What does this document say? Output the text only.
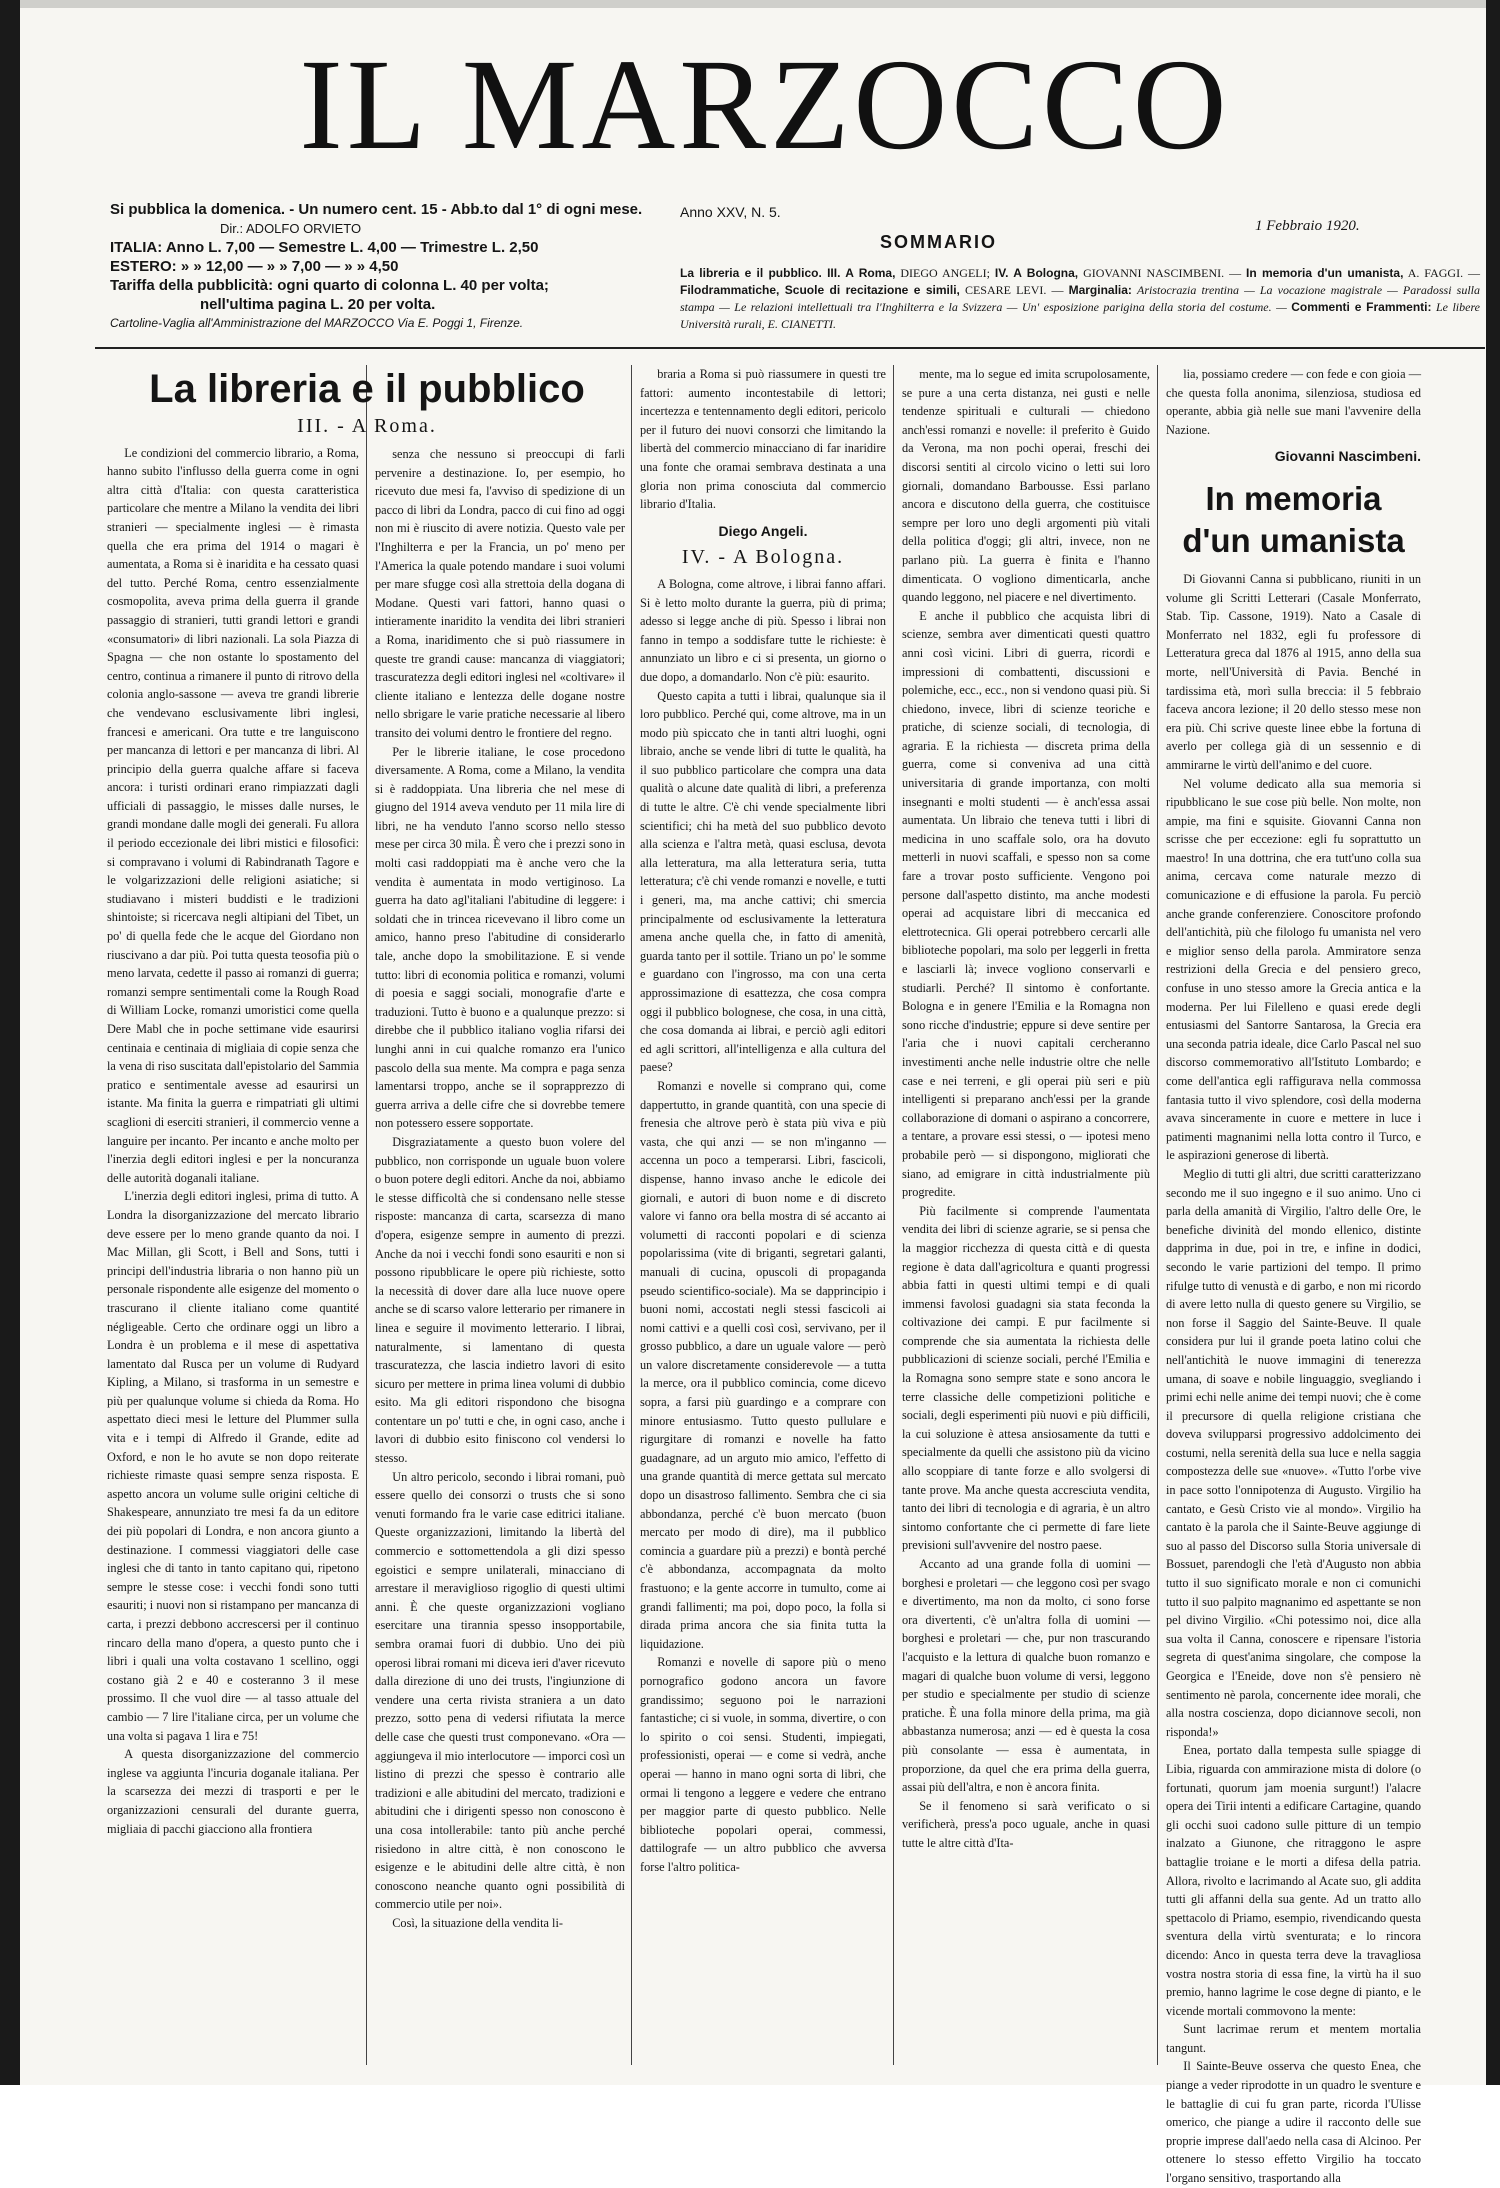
IL MARZOCCO
Si pubblica la domenica. - Un numero cent. 15 - Abb.to dal 1° di ogni mese.
Dir.: ADOLFO ORVIETO
ITALIA: Anno L. 7,00 — Semestre L. 4,00 — Trimestre L. 2,50
ESTERO: » » 12,00 — » » 7,00 — » » 4,50
Tariffa della pubblicità: ogni quarto di colonna L. 40 per volta;
nell'ultima pagina L. 20 per volta.
Cartoline-Vaglia all'Amministrazione del MARZOCCO Via E. Poggi 1, Firenze.
Anno XXV, N. 5.
1 Febbraio 1920.
SOMMARIO
La libreria e il pubblico. III. A Roma, DIEGO ANGELI; IV. A Bologna, GIOVANNI NASCIMBENI. — In memoria d'un umanista, A. FAGGI. — Filodrammatiche, Scuole di recitazione e simili, CESARE LEVI. — Marginalia: Aristocrazia trentina — La vocazione magistrale — Paradossi sulla stampa — Le relazioni intellettuali tra l'Inghilterra e la Svizzera — Un' esposizione parigina della storia del costume. — Commenti e Frammenti: Le libere Università rurali, E. CIANETTI.
La libreria e il pubblico
III. - A Roma.

Le condizioni del commercio librario, a Roma, hanno subito l'influsso della guerra come in ogni altra città d'Italia: con questa caratteristica particolare che mentre a Milano la vendita dei libri stranieri — specialmente inglesi — è rimasta quella che era prima del 1914 o magari è aumentata, a Roma si è inaridita e ha cessato quasi del tutto. Perché Roma, centro essenzialmente cosmopolita, aveva prima della guerra il grande passaggio di stranieri, tutti grandi lettori e grandi «consumatori» di libri nazionali. La sola Piazza di Spagna — che non ostante lo spostamento del centro, continua a rimanere il punto di ritrovo della colonia anglo-sassone — aveva tre grandi librerie che vendevano esclusivamente libri inglesi, francesi e americani. Ora tutte e tre languiscono per mancanza di lettori e per mancanza di libri. Al principio della guerra qualche affare si faceva ancora: i turisti ordinari erano rimpiazzati dagli ufficiali di passaggio, le misses dalle nurses, le grandi mondane dalle mogli dei generali. Fu allora il periodo eccezionale dei libri mistici e filosofici: si compravano i volumi di Rabindranath Tagore e le volgarizzazioni delle religioni asiatiche; si studiavano i misteri buddisti e le tradizioni shintoiste; si ricercava negli altipiani del Tibet, un po' di quella fede che le acque del Giordano non riuscivano a dar più. Poi tutta questa teosofia più o meno larvata, cedette il passo ai romanzi di guerra; romanzi sempre sentimentali come la Rough Road di William Locke, romanzi umoristici come quella Dere Mabl che in poche settimane vide esaurirsi centinaia e centinaia di migliaia di copie senza che la vena di riso suscitata dall'epistolario del Sammia pratico e sentimentale avesse ad esaurirsi un istante. Ma finita la guerra e rimpatriati gli ultimi scaglioni di eserciti stranieri, il commercio venne a languire per incanto. Per incanto e anche molto per l'inerzia degli editori inglesi e per la noncuranza delle autorità doganali italiane.

L'inerzia degli editori inglesi, prima di tutto. A Londra la disorganizzazione del mercato librario deve essere per lo meno grande quanto da noi. I Mac Millan, gli Scott, i Bell and Sons, tutti i principi dell'industria libraria o non hanno più un personale rispondente alle esigenze del momento o trascurano il cliente italiano come quantité négligeable. Certo che ordinare oggi un libro a Londra è un problema e il mese di aspettativa lamentato dal Rusca per un volume di Rudyard Kipling, a Milano, si trasforma in un semestre e più per qualunque volume si chieda da Roma. Ho aspettato dieci mesi le letture del Plummer sulla vita e i tempi di Alfredo il Grande, edite ad Oxford, e non le ho avute se non dopo reiterate richieste rimaste quasi sempre senza risposta. E aspetto ancora un volume sulle origini celtiche di Shakespeare, annunziato tre mesi fa da un editore dei più popolari di Londra, e non ancora giunto a destinazione. I commessi viaggiatori delle case inglesi che di tanto in tanto capitano qui, ripetono sempre le stesse cose: i vecchi fondi sono tutti esauriti; i nuovi non si ristampano per mancanza di carta, i prezzi debbono accrescersi per il continuo rincaro della mano d'opera, a questo punto che i libri i quali una volta costavano 1 scellino, oggi costano già 2 e 40 e costeranno 3 il mese prossimo. Il che vuol dire — al tasso attuale del cambio — 7 lire l'italiane circa, per un volume che una volta si pagava 1 lira e 75!

A questa disorganizzazione del commercio inglese va aggiunta l'incuria doganale italiana. Per la scarsezza dei mezzi di trasporti e per le organizzazioni censurali del durante guerra, migliaia di pacchi giacciono alla frontiera

senza che nessuno si preoccupi di farli pervenire a destinazione. Io, per esempio, ho ricevuto due mesi fa, l'avviso di spedizione di un pacco di libri da Londra, pacco di cui fino ad oggi non mi è riuscito di avere notizia. Questo vale per l'Inghilterra e per la Francia, un po' meno per l'America la quale potendo mandare i suoi volumi per mare sfugge così alla strettoia della dogana di Modane. Questi vari fattori, hanno quasi o intieramente inaridito la vendita dei libri stranieri a Roma, inaridimento che si può riassumere in queste tre grandi cause: mancanza di viaggiatori; trascuratezza degli editori inglesi nel «coltivare» il cliente italiano e lentezza delle dogane nostre nello sbrigare le varie pratiche necessarie al libero transito dei volumi dentro le frontiere del regno.

Per le librerie italiane, le cose procedono diversamente. A Roma, come a Milano, la vendita si è raddoppiata. Una libreria che nel mese di giugno del 1914 aveva venduto per 11 mila lire di libri, ne ha venduto l'anno scorso nello stesso mese per circa 30 mila. È vero che i prezzi sono in molti casi raddoppiati ma è anche vero che la vendita è aumentata in modo vertiginoso. La guerra ha dato agl'italiani l'abitudine di leggere: i soldati che in trincea ricevevano il libro come un amico, hanno preso l'abitudine di considerarlo tale, anche dopo la smobilitazione. E si vende tutto: libri di economia politica e romanzi, volumi di poesia e saggi sociali, monografie d'arte e traduzioni. Tutto è buono e a qualunque prezzo: si direbbe che il pubblico italiano voglia rifarsi dei lunghi anni in cui qualche romanzo era l'unico pascolo della sua mente. Ma compra e paga senza lamentarsi troppo, anche se il soprapprezzo di guerra arriva a delle cifre che si dovrebbe temere non potessero essere sopportate.

Disgraziatamente a questo buon volere del pubblico, non corrisponde un uguale buon volere o buon potere degli editori. Anche da noi, abbiamo le stesse difficoltà che si condensano nelle stesse risposte: mancanza di carta, scarsezza di mano d'opera, esigenze sempre in aumento di prezzi. Anche da noi i vecchi fondi sono esauriti e non si possono ripubblicare le opere più richieste, sotto la necessità di dover dare alla luce nuove opere anche se di scarso valore letterario per rimanere in linea e seguire il movimento letterario. I librai, naturalmente, si lamentano di questa trascuratezza, che lascia indietro lavori di esito sicuro per mettere in prima linea volumi di dubbio esito. Ma gli editori rispondono che bisogna contentare un po' tutti e che, in ogni caso, anche i lavori di dubbio esito finiscono col vendersi lo stesso.

Un altro pericolo, secondo i librai romani, può essere quello dei consorzi o trusts che si sono venuti formando fra le varie case editrici italiane. Queste organizzazioni, limitando la libertà del commercio e sottomettendola a gli dizi spesso egoistici e sempre unilaterali, minacciano di arrestare il meraviglioso rigoglio di questi ultimi anni. È che queste organizzazioni vogliano esercitare una tirannia spesso insopportabile, sembra oramai fuori di dubbio. Uno dei più operosi librai romani mi diceva ieri d'aver ricevuto dalla direzione di uno dei trusts, l'ingiunzione di vendere una certa rivista straniera a un dato prezzo, sotto pena di vedersi rifiutata la merce delle case che questi trust componevano. «Ora — aggiungeva il mio interlocutore — imporci così un listino di prezzi che spesso è contrario alle tradizioni e alle abitudini del mercato, tradizioni e abitudini che i dirigenti spesso non conoscono è una cosa intollerabile: tanto più anche perché risiedono in altre città, è non conoscono le esigenze e le abitudini delle altre città, è non conoscono neanche quanto ogni possibilità di commercio utile per noi».

Così, la situazione della vendita li-

braria a Roma si può riassumere in questi tre fattori: aumento incontestabile di lettori; incertezza e tentennamento degli editori, pericolo per il futuro dei nuovi consorzi che limitando la libertà del commercio minacciano di far inaridire una fonte che oramai sembrava destinata a una gloria non prima conosciuta dal commercio librario d'Italia.

Diego Angeli.
IV. - A Bologna.

A Bologna, come altrove, i librai fanno affari. Si è letto molto durante la guerra, più di prima; adesso si legge anche di più. Spesso i librai non fanno in tempo a soddisfare tutte le richieste: è annunziato un libro e ci si presenta, un giorno o due dopo, a domandarlo. Non c'è più: esaurito.

Questo capita a tutti i librai, qualunque sia il loro pubblico. Perché qui, come altrove, ma in un modo più spiccato che in tanti altri luoghi, ogni libraio, anche se vende libri di tutte le qualità, ha il suo pubblico particolare che compra una data qualità o alcune date qualità di libri, a preferenza di tutte le altre. C'è chi vende specialmente libri scientifici; chi ha metà del suo pubblico devoto alla scienza e l'altra metà, quasi esclusa, devota alla letteratura, ma alla letteratura seria, tutta letteratura; c'è chi vende romanzi e novelle, e tutti i generi, ma, ma anche cattivi; chi smercia principalmente od esclusivamente la letteratura amena anche quella che, in fatto di amenità, guarda tanto per il sottile. Triano un po' le somme e guardano con l'ingrosso, ma con una certa approssimazione di esattezza, che cosa compra oggi il pubblico bolognese, che cosa, in una città, che cosa domanda ai librai, e perciò agli editori ed agli scrittori, all'intelligenza e alla cultura del paese?

Romanzi e novelle si comprano qui, come dappertutto, in grande quantità, con una specie di frenesia che altrove però è stata più viva e più vasta, che qui anzi — se non m'inganno — accenna un poco a temperarsi. Libri, fascicoli, dispense, hanno invaso anche le edicole dei giornali, e autori di buon nome e di discreto valore vi fanno ora bella mostra di sé accanto ai volumetti di racconti popolari e di scienza popolarissima (vite di briganti, segretari galanti, manuali di cucina, opuscoli di propaganda pseudo scientifico-sociale). Ma se dapprincipio i buoni nomi, accostati negli stessi fascicoli ai nomi cattivi e a quelli così così, servivano, per il grosso pubblico, a dare un uguale valore — però un valore discretamente considerevole — a tutta la merce, ora il pubblico comincia, come dicevo sopra, a farsi più guardingo e a comprare con minore entusiasmo. Tutto questo pullulare e rigurgitare di romanzi e novelle ha fatto guadagnare, ad un arguto mio amico, l'effetto di una grande quantità di merce gettata sul mercato dopo un disastroso fallimento. Sembra che ci sia abbondanza, perché c'è buon mercato (buon mercato per modo di dire), ma il pubblico comincia a guardare più a prezzi) e bontà perché c'è abbondanza, accompagnata da molto frastuono; e la gente accorre in tumulto, come ai grandi fallimenti; ma poi, dopo poco, la folla si dirada prima ancora che sia finita tutta la liquidazione.

Romanzi e novelle di sapore più o meno pornografico godono ancora un favore grandissimo; seguono poi le narrazioni fantastiche; ci si vuole, in somma, divertire, o con lo spirito o coi sensi. Studenti, impiegati, professionisti, operai — e come si vedrà, anche operai — hanno in mano ogni sorta di libri, che ormai li tengono a leggere e vedere che entrano per maggior parte di questo pubblico. Nelle biblioteche popolari operai, commessi, dattilografe — un altro pubblico che avversa forse l'altro politica-

mente, ma lo segue ed imita scrupolosamente, se pure a una certa distanza, nei gusti e nelle tendenze spirituali e culturali — chiedono anch'essi romanzi e novelle: il preferito è Guido da Verona, ma non pochi operai, freschi dei discorsi sentiti al circolo vicino o letti sui loro giornali, domandano Barbousse. Essi parlano ancora e discutono della guerra, che costituisce sempre per loro uno degli argomenti più vitali della politica d'oggi; gli altri, invece, non ne parlano più. La guerra è finita e l'hanno dimenticata. O vogliono dimenticarla, anche quando leggono, nel piacere e nel divertimento.

E anche il pubblico che acquista libri di scienze, sembra aver dimenticati questi quattro anni così vicini. Libri di guerra, ricordi e impressioni di combattenti, discussioni e polemiche, ecc., ecc., non si vendono quasi più. Si chiedono, invece, libri di scienze teoriche e pratiche, di scienze sociali, di tecnologia, di agraria. E la richiesta — discreta prima della guerra, come si conveniva ad una città universitaria di grande importanza, con molti insegnanti e molti studenti — è anch'essa assai aumentata. Un libraio che teneva tutti i libri di medicina in uno scaffale solo, ora ha dovuto metterli in nuovi scaffali, e spesso non sa come fare a trovar posto sufficiente. Vengono poi persone dall'aspetto distinto, ma anche modesti operai ad acquistare libri di meccanica ed elettrotecnica. Gli operai potrebbero cercarli alle biblioteche popolari, ma solo per leggerli in fretta e lasciarli là; invece vogliono conservarli e studiarli. Perché? Il sintomo è confortante. Bologna e in genere l'Emilia e la Romagna non sono ricche d'industrie; eppure si deve sentire per l'aria che i nuovi capitali cercheranno investimenti anche nelle industrie oltre che nelle case e nei terreni, e gli operai più seri e più intelligenti si preparano anch'essi per la grande collaborazione di domani o aspirano a concorrere, a tentare, a provare essi stessi, o — ipotesi meno probabile però — si dispongono, migliorati che siano, ad emigrare in città industrialmente più progredite.

Più facilmente si comprende l'aumentata vendita dei libri di scienze agrarie, se si pensa che la maggior ricchezza di questa città e di questa regione è data dall'agricoltura e quanti progressi abbia fatti in questi ultimi tempi e di quali immensi favolosi guadagni sia stata feconda la coltivazione dei campi. E pur facilmente si comprende che sia aumentata la richiesta delle pubblicazioni di scienze sociali, perché l'Emilia e la Romagna sono sempre state e sono ancora le terre classiche delle competizioni politiche e sociali, degli esperimenti più nuovi e più difficili, la cui soluzione è attesa ansiosamente da tutti e specialmente da quelli che assistono più da vicino allo scoppiare di tante forze e allo svolgersi di tante prove. Ma anche questa accresciuta vendita, tanto dei libri di tecnologia e di agraria, è un altro sintomo confortante che ci permette di fare liete previsioni sull'avvenire del nostro paese.

Accanto ad una grande folla di uomini — borghesi e proletari — che leggono così per svago e divertimento, ma non da molto, ci sono forse ora divertenti, c'è un'altra folla di uomini — borghesi e proletari — che, pur non trascurando l'acquisto e la lettura di qualche buon romanzo e magari di qualche buon volume di versi, leggono per studio e specialmente per studio di scienze pratiche. È una folla minore della prima, ma già abbastanza numerosa; anzi — ed è questa la cosa più consolante — essa è aumentata, in proporzione, da quel che era prima della guerra, assai più dell'altra, e non è ancora finita.

Se il fenomeno si sarà verificato o si verificherà, press'a poco uguale, anche in quasi tutte le altre città d'Ita-

lia, possiamo credere — con fede e con gioia — che questa folla anonima, silenziosa, studiosa ed operante, abbia già nelle sue mani l'avvenire della Nazione.

Giovanni Nascimbeni.
In memoria
d'un umanista

Di Giovanni Canna si pubblicano, riuniti in un volume gli Scritti Letterari (Casale Monferrato, Stab. Tip. Cassone, 1919). Nato a Casale di Monferrato nel 1832, egli fu professore di Letteratura greca dal 1876 al 1915, anno della sua morte, nell'Università di Pavia. Benché in tardissima età, morì sulla breccia: il 5 febbraio faceva ancora lezione; il 20 dello stesso mese non era più. Chi scrive queste linee ebbe la fortuna di averlo per collega già di un sessennio e di ammirarne le virtù dell'animo e del cuore.

Nel volume dedicato alla sua memoria si ripubblicano le sue cose più belle. Non molte, non ampie, ma fini e squisite. Giovanni Canna non scrisse che per eccezione: egli fu soprattutto un maestro! In una dottrina, che era tutt'uno colla sua anima, cercava come naturale mezzo di comunicazione e di effusione la parola. Fu perciò anche grande conferenziere. Conoscitore profondo dell'antichità, più che filologo fu umanista nel vero e miglior senso della parola. Ammiratore senza restrizioni della Grecia e del pensiero greco, confuse in uno stesso amore la Grecia antica e la moderna. Per lui Filelleno e quasi erede degli entusiasmi del Santorre Santarosa, la Grecia era una seconda patria ideale, dice Carlo Pascal nel suo discorso commemorativo all'Istituto Lombardo; e come dell'antica egli raffigurava nella commossa fantasia tutto il vivo splendore, così della moderna avava sinceramente in cuore e mettere in luce i patimenti magnanimi nella lotta contro il Turco, e le aspirazioni generose di libertà.

Meglio di tutti gli altri, due scritti caratterizzano secondo me il suo ingegno e il suo animo. Uno ci parla della amanità di Virgilio, l'altro delle Ore, le benefiche divinità del mondo ellenico, distinte dapprima in due, poi in tre, e infine in dodici, secondo le varie partizioni del tempo. Il primo rifulge tutto di venustà e di garbo, e non mi ricordo di avere letto nulla di questo genere su Virgilio, se non forse il Saggio del Sainte-Beuve. Il quale considera pur lui il grande poeta latino colui che nell'antichità le nuove immagini di tenerezza umana, di soave e nobile linguaggio, svegliando i primi echi nelle anime dei tempi nuovi; che è come il precursore di quella religione cristiana che doveva svilupparsi progressivo addolcimento dei costumi, nella serenità della sua luce e nella saggia compostezza delle sue «nuove». «Tutto l'orbe vive in pace sotto l'onnipotenza di Augusto. Virgilio ha cantato, e Gesù Cristo vie al mondo». Virgilio ha cantato è la parola che il Sainte-Beuve aggiunge di suo al passo del Discorso sulla Storia universale di Bossuet, parendogli che l'età d'Augusto non abbia tutto il suo significato morale e non ci comunichi tutto il suo palpito magnanimo ed aspettante se non pel divino Virgilio. «Chi potessimo noi, dice alla sua volta il Canna, conoscere e ripensare l'istoria segreta di quest'anima singolare, che compose la Georgica e l'Eneide, dove non s'è pensiero nè sentimento nè parola, concernente idee morali, che alla nostra coscienza, dopo diciannove secoli, non risponda!»

Enea, portato dalla tempesta sulle spiagge di Libia, riguarda con ammirazione mista di dolore (o fortunati, quorum jam moenia surgunt!) l'alacre opera dei Tirii intenti a edificare Cartagine, quando gli occhi suoi cadono sulle pitture di un tempio inalzato a Giunone, che ritraggono le aspre battaglie troiane e le morti a difesa della patria. Allora, rivolto e lacrimando al Acate suo, gli addita tutti gli affanni della sua gente. Ad un tratto allo spettacolo di Priamo, esempio, rivendicando questa sventura della virtù sventurata; e lo rincora dicendo: Anco in questa terra deve la travagliosa vostra nostra storia di essa fine, la virtù ha il suo premio, hanno lagrime le cose degne di pianto, e le vicende mortali commovono la mente:

Sunt lacrimae rerum et mentem mortalia tangunt.

Il Sainte-Beuve osserva che questo Enea, che piange a veder riprodotte in un quadro le sventure e le battaglie di cui fu gran parte, ricorda l'Ulisse omerico, che piange a udire il racconto delle sue proprie imprese dall'aedo nella casa di Alcinoo. Per ottenere lo stesso effetto Virgilio ha toccato l'organo sensitivo, trasportando alla
